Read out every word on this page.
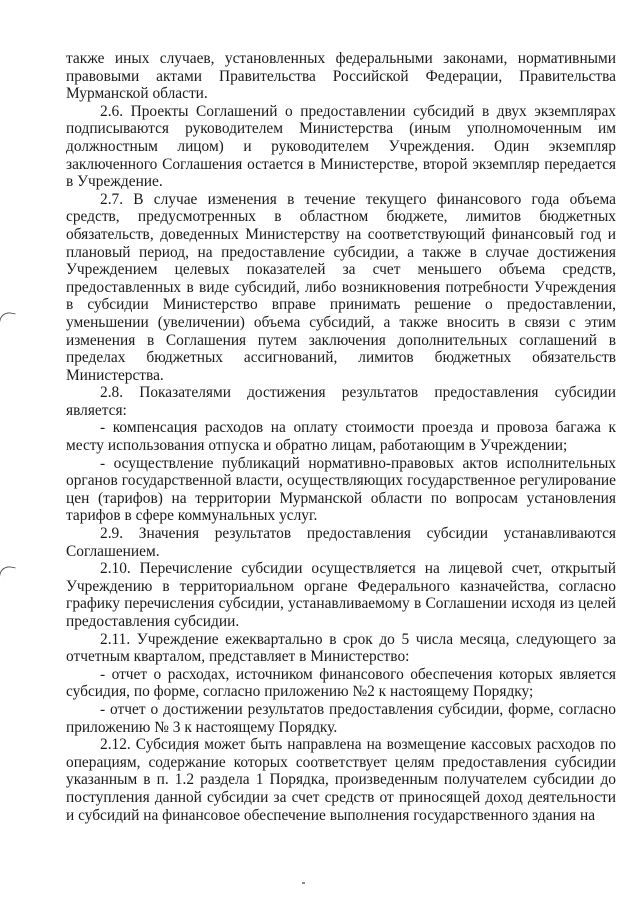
также иных случаев, установленных федеральными законами, нормативными правовыми актами Правительства Российской Федерации, Правительства Мурманской области.

2.6. Проекты Соглашений о предоставлении субсидий в двух экземплярах подписываются руководителем Министерства (иным уполномоченным им должностным лицом) и руководителем Учреждения. Один экземпляр заключенного Соглашения остается в Министерстве, второй экземпляр передается в Учреждение.

2.7. В случае изменения в течение текущего финансового года объема средств, предусмотренных в областном бюджете, лимитов бюджетных обязательств, доведенных Министерству на соответствующий финансовый год и плановый период, на предоставление субсидии, а также в случае достижения Учреждением целевых показателей за счет меньшего объема средств, предоставленных в виде субсидий, либо возникновения потребности Учреждения в субсидии Министерство вправе принимать решение о предоставлении, уменьшении (увеличении) объема субсидий, а также вносить в связи с этим изменения в Соглашения путем заключения дополнительных соглашений в пределах бюджетных ассигнований, лимитов бюджетных обязательств Министерства.

2.8. Показателями достижения результатов предоставления субсидии является:

- компенсация расходов на оплату стоимости проезда и провоза багажа к месту использования отпуска и обратно лицам, работающим в Учреждении;

- осуществление публикаций нормативно-правовых актов исполнительных органов государственной власти, осуществляющих государственное регулирование цен (тарифов) на территории Мурманской области по вопросам установления тарифов в сфере коммунальных услуг.

2.9. Значения результатов предоставления субсидии устанавливаются Соглашением.

2.10. Перечисление субсидии осуществляется на лицевой счет, открытый Учреждению в территориальном органе Федерального казначейства, согласно графику перечисления субсидии, устанавливаемому в Соглашении исходя из целей предоставления субсидии.

2.11. Учреждение ежеквартально в срок до 5 числа месяца, следующего за отчетным кварталом, представляет в Министерство:

- отчет о расходах, источником финансового обеспечения которых является субсидия, по форме, согласно приложению №2 к настоящему Порядку;

- отчет о достижении результатов предоставления субсидии, форме, согласно приложению № 3 к настоящему Порядку.

2.12. Субсидия может быть направлена на возмещение кассовых расходов по операциям, содержание которых соответствует целям предоставления субсидии указанным в п. 1.2 раздела 1 Порядка, произведенным получателем субсидии до поступления данной субсидии за счет средств от приносящей доход деятельности и субсидий на финансовое обеспечение выполнения государственного здания на
